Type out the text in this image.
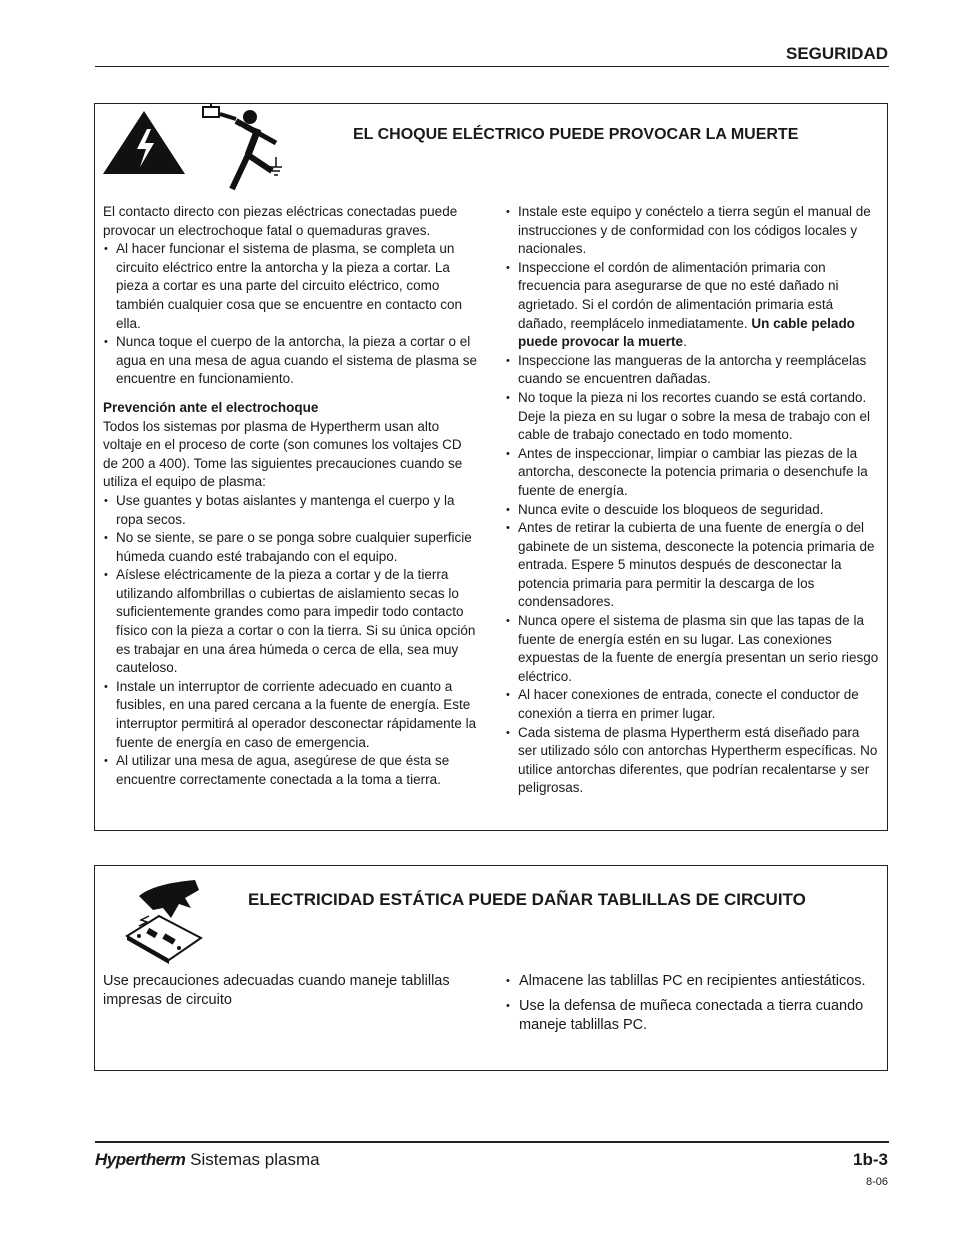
SEGURIDAD
EL CHOQUE ELÉCTRICO PUEDE PROVOCAR LA MUERTE

El contacto directo con piezas eléctricas conectadas puede provocar un electrochoque fatal o quemaduras graves.

• Al hacer funcionar el sistema de plasma, se completa un circuito eléctrico entre la antorcha y la pieza a cortar. La pieza a cortar es una parte del circuito eléctrico, como también cualquier cosa que se encuentre en contacto con ella.
• Nunca toque el cuerpo de la antorcha, la pieza a cortar o el agua en una mesa de agua cuando el sistema de plasma se encuentre en funcionamiento.

Prevención ante el electrochoque

Todos los sistemas por plasma de Hypertherm usan alto voltaje en el proceso de corte (son comunes los voltajes CD de 200 a 400). Tome las siguientes precauciones cuando se utiliza el equipo de plasma:

• Use guantes y botas aislantes y mantenga el cuerpo y la ropa secos.
• No se siente, se pare o se ponga sobre cualquier superficie húmeda cuando esté trabajando con el equipo.
• Aíslese eléctricamente de la pieza a cortar y de la tierra utilizando alfombrillas o cubiertas de aislamiento secas lo suficientemente grandes como para impedir todo contacto físico con la pieza a cortar o con la tierra. Si su única opción es trabajar en una área húmeda o cerca de ella, sea muy cauteloso.
• Instale un interruptor de corriente adecuado en cuanto a fusibles, en una pared cercana a la fuente de energía. Este interruptor permitirá al operador desconectar rápidamente la fuente de energía en caso de emergencia.
• Al utilizar una mesa de agua, asegúrese de que ésta se encuentre correctamente conectada a la toma a tierra.
• Instale este equipo y conéctelo a tierra según el manual de instrucciones y de conformidad con los códigos locales y nacionales.
• Inspeccione el cordón de alimentación primaria con frecuencia para asegurarse de que no esté dañado ni agrietado. Si el cordón de alimentación primaria está dañado, reemplácelo inmediatamente. Un cable pelado puede provocar la muerte.
• Inspeccione las mangueras de la antorcha y reemplácelas cuando se encuentren dañadas.
• No toque la pieza ni los recortes cuando se está cortando. Deje la pieza en su lugar o sobre la mesa de trabajo con el cable de trabajo conectado en todo momento.
• Antes de inspeccionar, limpiar o cambiar las piezas de la antorcha, desconecte la potencia primaria o desenchufe la fuente de energía.
• Nunca evite o descuide los bloqueos de seguridad.
• Antes de retirar la cubierta de una fuente de energía o del gabinete de un sistema, desconecte la potencia primaria de entrada. Espere 5 minutos después de desconectar la potencia primaria para permitir la descarga de los condensadores.
• Nunca opere el sistema de plasma sin que las tapas de la fuente de energía estén en su lugar. Las conexiones expuestas de la fuente de energía presentan un serio riesgo eléctrico.
• Al hacer conexiones de entrada, conecte el conductor de conexión a tierra en primer lugar.
• Cada sistema de plasma Hypertherm está diseñado para ser utilizado sólo con antorchas Hypertherm específicas. No utilice antorchas diferentes, que podrían recalentarse y ser peligrosas.
ELECTRICIDAD ESTÁTICA PUEDE DAÑAR TABLILLAS DE CIRCUITO

Use precauciones adecuadas cuando maneje tablillas impresas de circuito

• Almacene las tablillas PC en recipientes antiestáticos.
• Use la defensa de muñeca conectada a tierra cuando maneje tablillas PC.
Hypertherm Sistemas plasma	1b-3
8-06
